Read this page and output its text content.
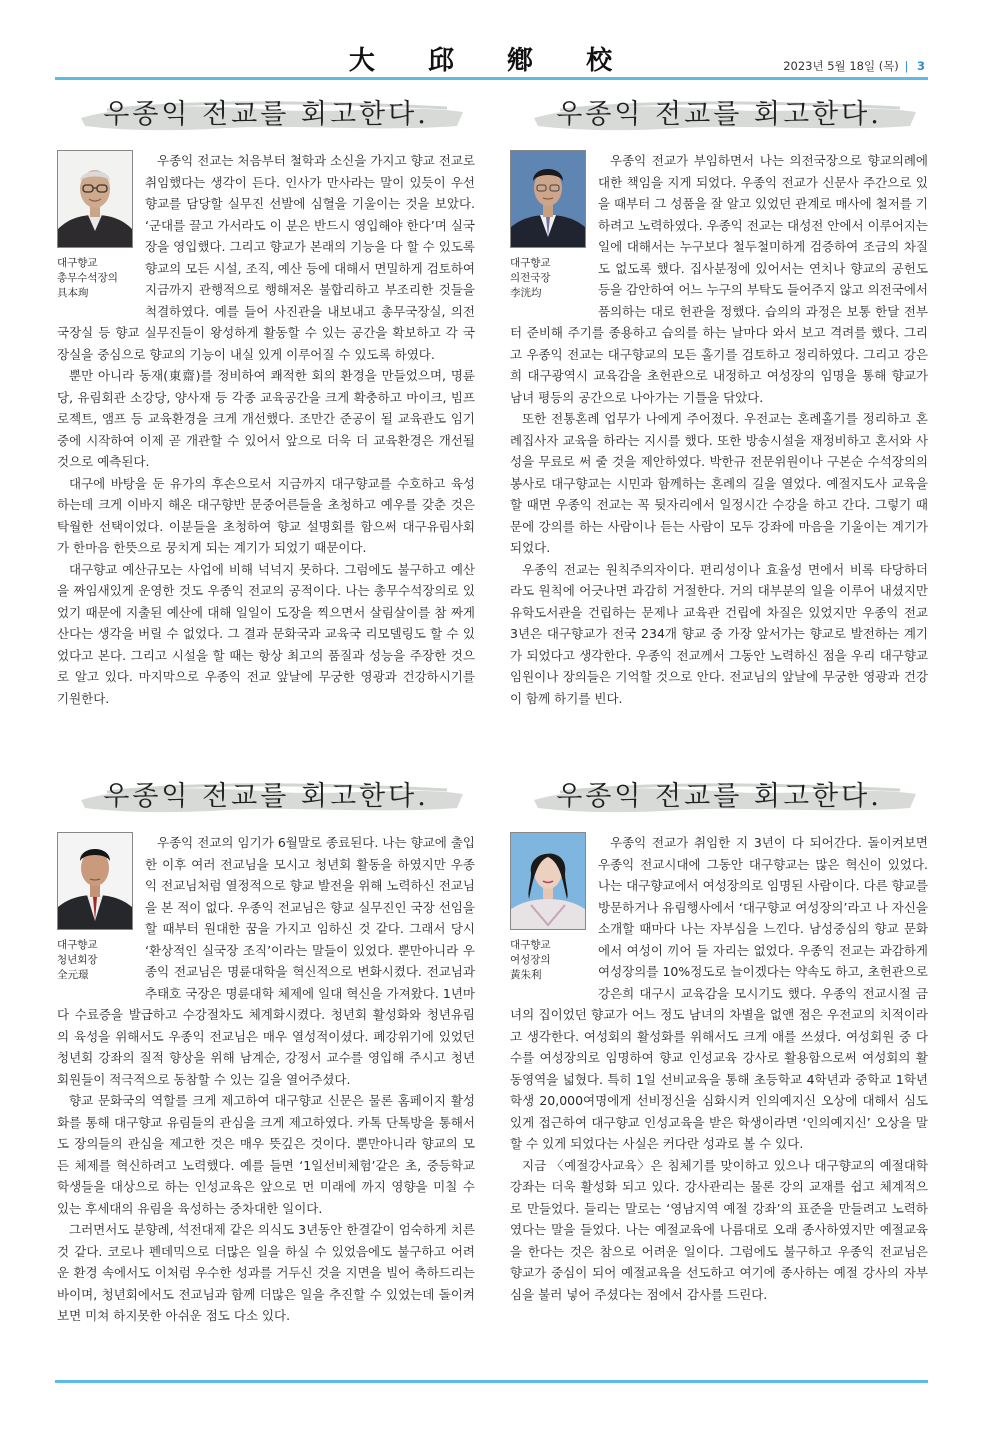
大 邱 鄕 校	2023년 5월 18일 (목) | 3
우종익 전교를 회고한다.
대구향교
총무수석장의
具本珣

우종익 전교는 처음부터 철학과 소신을 가지고 향교 전교로 취임했다는 생각이 든다. 인사가 만사라는 말이 있듯이 우선 향교를 담당할 실무진 선발에 심혈을 기울이는 것을 보았다. ‘군대를 끌고 가서라도 이 분은 반드시 영입해야 한다’며 실국장을 영입했다. 그리고 향교가 본래의 기능을 다 할 수 있도록 향교의 모든 시설, 조직, 예산 등에 대해서 면밀하게 검토하여 지금까지 관행적으로 행해져온 불합리하고 부조리한 것들을 척결하였다. 예를 들어 사진관을 내보내고 총무국장실, 의전국장실 등 향교 실무진들이 왕성하게 활동할 수 있는 공간을 확보하고 각 국장실을 중심으로 향교의 기능이 내실 있게 이루어질 수 있도록 하였다.

뿐만 아니라 동재(東齋)를 정비하여 쾌적한 회의 환경을 만들었으며, 명륜당, 유림회관 소강당, 양사재 등 각종 교육공간을 크게 확충하고 마이크, 빔프로젝트, 앰프 등 교육환경을 크게 개선했다. 조만간 준공이 될 교육관도 임기 중에 시작하여 이제 곧 개관할 수 있어서 앞으로 더욱 더 교육환경은 개선될 것으로 예측된다.

대구에 바탕을 둔 유가의 후손으로서 지금까지 대구향교를 수호하고 육성하는데 크게 이바지 해온 대구향반 문중어른들을 초청하고 예우를 갖춘 것은 탁월한 선택이었다. 이분들을 초청하여 향교 설명회를 함으써 대구유림사회가 한마음 한뜻으로 뭉치게 되는 계기가 되었기 때문이다.

대구향교 예산규모는 사업에 비해 넉넉지 못하다. 그럼에도 불구하고 예산을 짜임새있게 운영한 것도 우종익 전교의 공적이다. 나는 총무수석장의로 있었기 때문에 지출된 예산에 대해 일일이 도장을 찍으면서 살림살이를 참 짜게 산다는 생각을 버릴 수 없었다. 그 결과 문화국과 교육국 리모델링도 할 수 있었다고 본다. 그리고 시설을 할 때는 항상 최고의 품질과 성능을 주장한 것으로 알고 있다. 마지막으로 우종익 전교 앞날에 무궁한 영광과 건강하시기를 기원한다.

우종익 전교를 회고한다.
대구향교
의전국장
李洸均

우종익 전교가 부임하면서 나는 의전국장으로 향교의례에 대한 책임을 지게 되었다. 우종익 전교가 신문사 주간으로 있을 때부터 그 성품을 잘 알고 있었던 관계로 매사에 철저를 기하려고 노력하였다. 우종익 전교는 대성전 안에서 이루어지는 일에 대해서는 누구보다 철두철미하게 검증하여 조금의 차질도 없도록 했다. 집사분정에 있어서는 연치나 향교의 공헌도 등을 감안하여 어느 누구의 부탁도 들어주지 않고 의전국에서 품의하는 대로 헌관을 정했다. 습의의 과정은 보통 한달 전부터 준비해 주기를 종용하고 습의를 하는 날마다 와서 보고 격려를 했다. 그리고 우종익 전교는 대구향교의 모든 홀기를 검토하고 정리하였다. 그리고 강은희 대구광역시 교육감을 초헌관으로 내정하고 여성장의 임명을 통해 향교가 남녀 평등의 공간으로 나아가는 기틀을 닦았다.

또한 전통혼례 업무가 나에게 주어졌다. 우전교는 혼례홀기를 정리하고 혼례집사자 교육을 하라는 지시를 했다. 또한 방송시설을 재정비하고 혼서와 사성을 무료로 써 줄 것을 제안하였다. 박한규 전문위원이나 구본순 수석장의의 봉사로 대구향교는 시민과 함께하는 혼례의 길을 열었다. 예절지도사 교육을 할 때면 우종익 전교는 꼭 뒷자리에서 일정시간 수강을 하고 간다. 그렇기 때문에 강의를 하는 사람이나 듣는 사람이 모두 강좌에 마음을 기울이는 계기가 되었다.

우종익 전교는 원칙주의자이다. 편리성이나 효율성 면에서 비록 타당하더라도 원칙에 어긋나면 과감히 거절한다. 거의 대부분의 일을 이루어 내셨지만 유학도서관을 건립하는 문제나 교육관 건립에 차질은 있었지만 우종익 전교 3년은 대구향교가 전국 234개 향교 중 가장 앞서가는 향교로 발전하는 계기가 되었다고 생각한다. 우종익 전교께서 그동안 노력하신 점을 우리 대구향교 임원이나 장의들은 기억할 것으로 안다. 전교님의 앞날에 무궁한 영광과 건강이 함께 하기를 빈다.

우종익 전교를 회고한다.
대구향교
청년회장
全元璟

우종익 전교의 임기가 6월말로 종료된다. 나는 향교에 출입한 이후 여러 전교님을 모시고 청년회 활동을 하였지만 우종익 전교님처럼 열정적으로 향교 발전을 위해 노력하신 전교님을 본 적이 없다. 우종익 전교님은 향교 실무진인 국장 선임을 할 때부터 원대한 꿈을 가지고 임하신 것 같다. 그래서 당시 ‘환상적인 실국장 조직’이라는 말들이 있었다. 뿐만아니라 우종익 전교님은 명륜대학을 혁신적으로 변화시켰다. 전교님과 추태호 국장은 명륜대학 체제에 일대 혁신을 가져왔다. 1년마다 수료증을 발급하고 수강절차도 체계화시켰다. 청년회 활성화와 청년유림의 육성을 위해서도 우종익 전교님은 매우 열성적이셨다. 폐강위기에 있었던 청년회 강좌의 질적 향상을 위해 남계순, 강정서 교수를 영입해 주시고 청년회원들이 적극적으로 동참할 수 있는 길을 열어주셨다.

향교 문화국의 역할를 크게 제고하여 대구향교 신문은 물론 홈페이지 활성화를 통해 대구향교 유림들의 관심을 크게 제고하였다. 카톡 단톡방을 통해서도 장의들의 관심을 제고한 것은 매우 뜻깊은 것이다. 뿐만아니라 향교의 모든 체제를 혁신하려고 노력했다. 예를 들면 ‘1일선비체험’같은 초, 중등학교 학생들을 대상으로 하는 인성교육은 앞으로 먼 미래에 까지 영향을 미칠 수 있는 후세대의 유림을 육성하는 중차대한 일이다.

그러면서도 분향례, 석전대제 같은 의식도 3년동안 한결같이 엄숙하게 치른 것 같다. 코로나 펜데믹으로 더많은 일을 하실 수 있었음에도 불구하고 어려운 환경 속에서도 이처럼 우수한 성과를 거두신 것을 지면을 빌어 축하드리는 바이며, 청년회에서도 전교님과 함께 더많은 일을 추진할 수 있었는데 돌이켜보면 미쳐 하지못한 아쉬운 점도 다소 있다.

우종익 전교를 회고한다.
대구향교
여성장의
黃朱利

우종익 전교가 취임한 지 3년이 다 되어간다. 돌이켜보면 우종익 전교시대에 그동안 대구향교는 많은 혁신이 있었다. 나는 대구향교에서 여성장의로 임명된 사람이다. 다른 향교를 방문하거나 유림행사에서 ‘대구향교 여성장의’라고 나 자신을 소개할 때마다 나는 자부심을 느낀다. 남성중심의 향교 문화에서 여성이 끼어 들 자리는 없었다. 우종익 전교는 과감하게 여성장의를 10%정도로 늘이겠다는 약속도 하고, 초헌관으로 강은희 대구시 교육감을 모시기도 했다. 우종익 전교시절 금녀의 집이었던 향교가 어느 정도 남녀의 차별을 없앤 점은 우전교의 치적이라고 생각한다. 여성회의 활성화를 위해서도 크게 애를 쓰셨다. 여성회원 중 다수를 여성장의로 임명하여 향교 인성교육 강사로 활용함으로써 여성회의 활동영역을 넓혔다. 특히 1일 선비교육을 통해 초등학교 4학년과 중학교 1학년 학생 20,000여명에게 선비정신을 심화시켜 인의예지신 오상에 대해서 심도 있게 접근하여 대구향교 인성교육을 받은 학생이라면 ‘인의예지신’ 오상을 말할 수 있게 되었다는 사실은 커다란 성과로 볼 수 있다.

지금 〈예절강사교육〉은 침체기를 맞이하고 있으나 대구향교의 예절대학 강좌는 더욱 활성화 되고 있다. 강사관리는 물론 강의 교재를 쉽고 체계적으로 만들었다. 들리는 말로는 ‘영남지역 예절 강좌’의 표준을 만들려고 노력하였다는 말을 들었다. 나는 예절교육에 나름대로 오래 종사하였지만 예절교육을 한다는 것은 참으로 어려운 일이다. 그럼에도 불구하고 우종익 전교님은 향교가 중심이 되어 예절교육을 선도하고 여기에 종사하는 예절 강사의 자부심을 불러 넣어 주셨다는 점에서 감사를 드린다.
